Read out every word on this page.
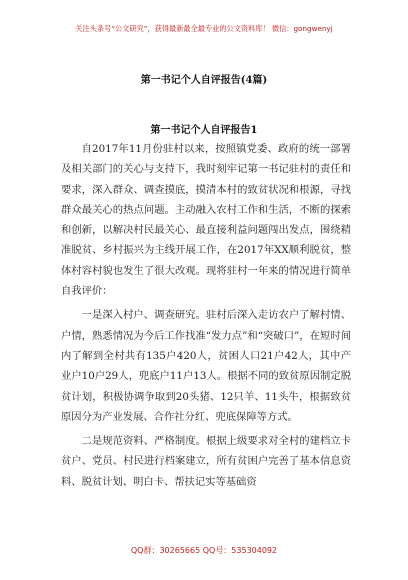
关注头条号“公文研究”，获得最新最全最专业的公文资料库！ 微信：gongwenyj
第一书记个人自评报告(4篇)
第一书记个人自评报告1

自2017年11月份驻村以来，按照镇党委、政府的统一部署及相关部门的关心与支持下，我时刻牢记第一书记驻村的责任和要求，深入群众、调查摸底，摸清本村的致贫状况和根源，寻找群众最关心的热点问题。主动融入农村工作和生活，不断的探索和创新，以解决村民最关心、最直接利益问题闯出发点，围绕精准脱贫、乡村振兴为主线开展工作，在2017年XX顺利脱贫，整体村容村貌也发生了很大改观。现将驻村一年来的情况进行简单自我评价：

一是深入村户、调查研究。驻村后深入走访农户了解村情、户情，熟悉情况为今后工作找准“发力点”和“突破口”，在短时间内了解到全村共有135户420人，贫困人口21户42人，其中产业户10户29人，兜底户11户13人。根据不同的致贫原因制定脱贫计划，积极协调争取到20头猪、12只羊、11头牛，根据致贫原因分为产业发展、合作社分红、兜底保障等方式。

二是规范资料、严格制度。根据上级要求对全村的建档立卡贫户、党员、村民进行档案建立，所有贫困户完善了基本信息资料、脱贫计划、明白卡、帮扶记实等基础资

QQ群：30265665 QQ号：535304092
